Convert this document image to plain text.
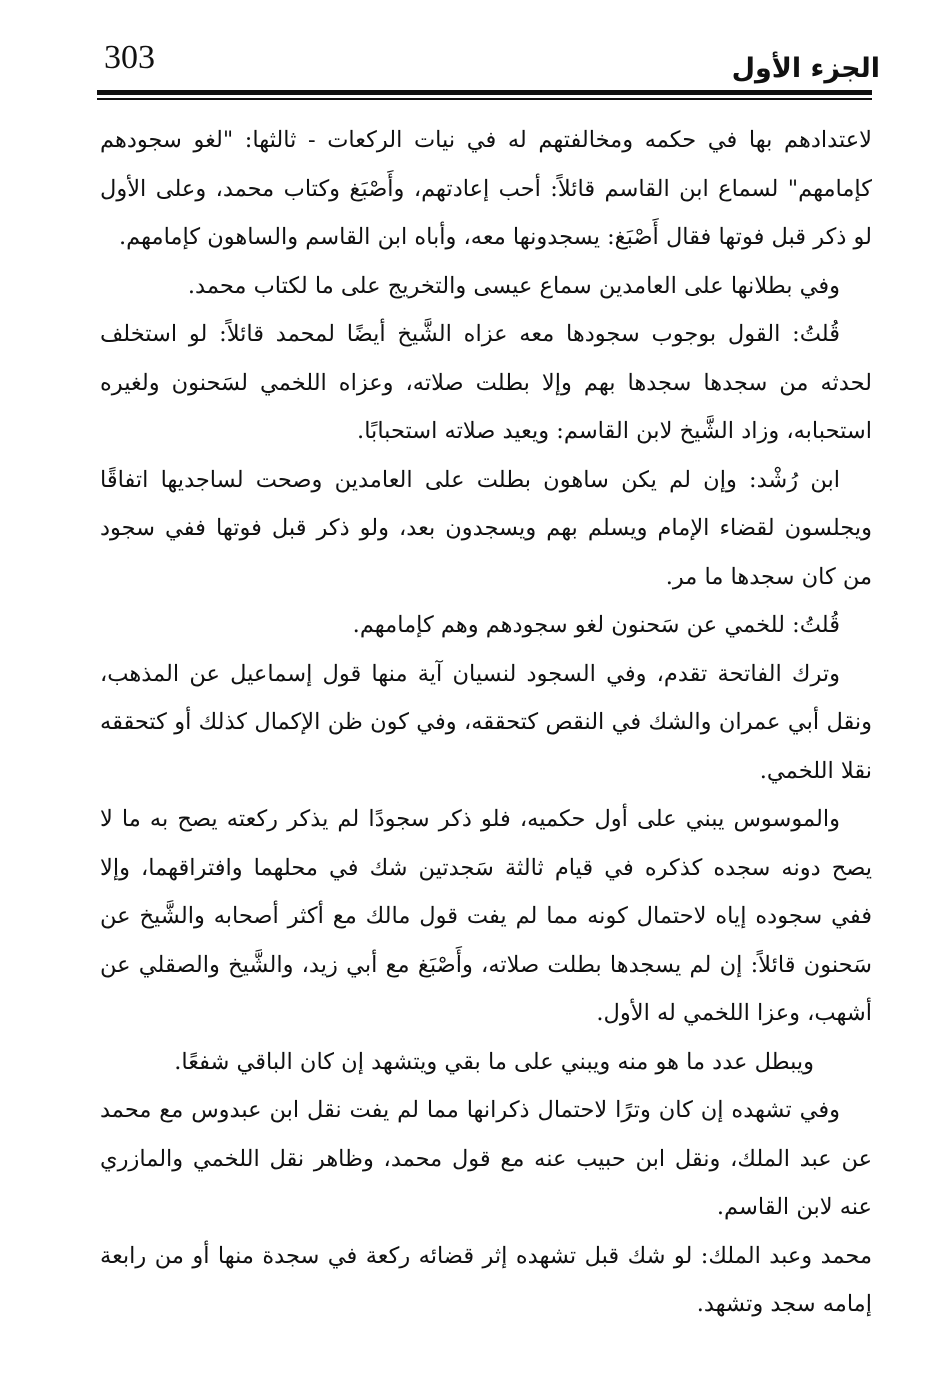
303	الجزء الأول

لاعتدادهم بها في حكمه ومخالفتهم له في نيات الركعات - ثالثها: "لغو سجودهم كإمامهم" لسماع ابن القاسم قائلاً: أحب إعادتهم، وأَصْبَغ وكتاب محمد، وعلى الأول لو ذكر قبل فوتها فقال أَصْبَغ: يسجدونها معه، وأباه ابن القاسم والساهون كإمامهم.

وفي بطلانها على العامدين سماع عيسى والتخريج على ما لكتاب محمد.

قُلتُ: القول بوجوب سجودها معه عزاه الشَّيخ أيضًا لمحمد قائلاً: لو استخلف لحدثه من سجدها سجدها بهم وإلا بطلت صلاته، وعزاه اللخمي لسَحنون ولغيره استحبابه، وزاد الشَّيخ لابن القاسم: ويعيد صلاته استحبابًا.

ابن رُشْد: وإن لم يكن ساهون بطلت على العامدين وصحت لساجديها اتفاقًا ويجلسون لقضاء الإمام ويسلم بهم ويسجدون بعد، ولو ذكر قبل فوتها ففي سجود من كان سجدها ما مر.

قُلتُ: للخمي عن سَحنون لغو سجودهم وهم كإمامهم.

وترك الفاتحة تقدم، وفي السجود لنسيان آية منها قول إسماعيل عن المذهب، ونقل أبي عمران والشك في النقص كتحققه، وفي كون ظن الإكمال كذلك أو كتحققه نقلا اللخمي.

والموسوس يبني على أول حكميه، فلو ذكر سجودًا لم يذكر ركعته يصح به ما لا يصح دونه سجده كذكره في قيام ثالثة سَجدتين شك في محلهما وافتراقهما، وإلا ففي سجوده إياه لاحتمال كونه مما لم يفت قول مالك مع أكثر أصحابه والشَّيخ عن سَحنون قائلاً: إن لم يسجدها بطلت صلاته، وأَصْبَغ مع أبي زيد، والشَّيخ والصقلي عن أشهب، وعزا اللخمي له الأول.

ويبطل عدد ما هو منه ويبني على ما بقي ويتشهد إن كان الباقي شفعًا.

وفي تشهده إن كان وترًا لاحتمال ذكرانها مما لم يفت نقل ابن عبدوس مع محمد عن عبد الملك، ونقل ابن حبيب عنه مع قول محمد، وظاهر نقل اللخمي والمازري عنه لابن القاسم.

محمد وعبد الملك: لو شك قبل تشهده إثر قضائه ركعة في سجدة منها أو من رابعة إمامه سجد وتشهد.
